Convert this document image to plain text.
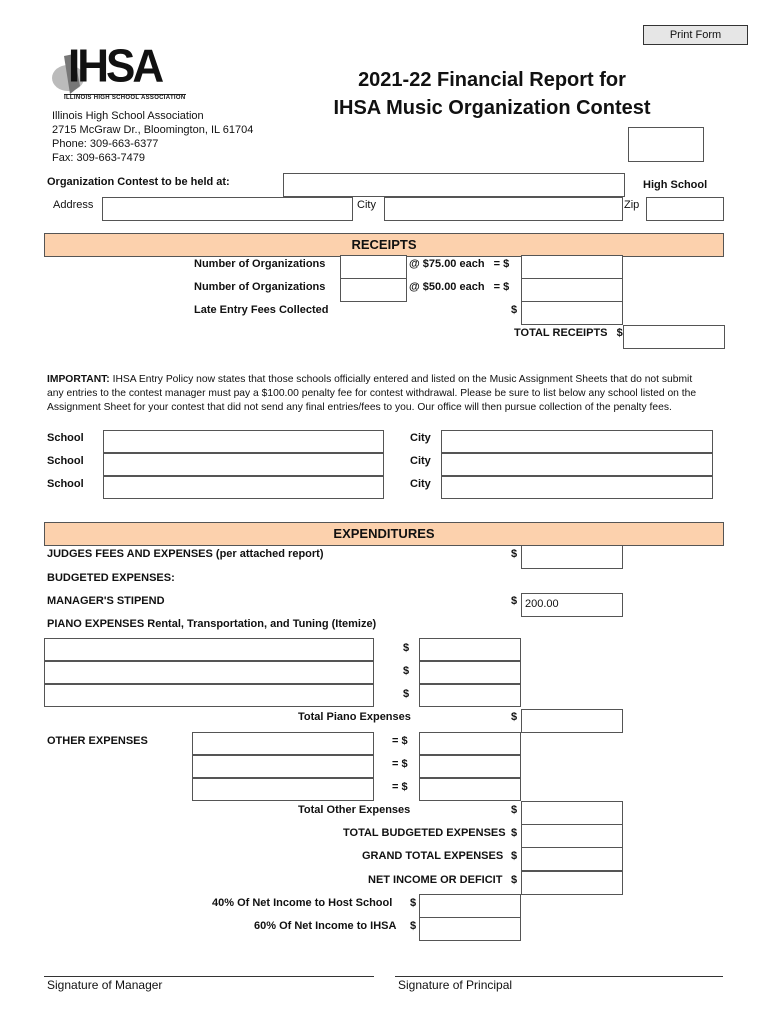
Print Form
IHSA
ILLINOIS HIGH SCHOOL ASSOCIATION
Illinois High School Association
2715 McGraw Dr., Bloomington, IL 61704
Phone: 309-663-6377
Fax: 309-663-7479
2021-22 Financial Report for
IHSA Music Organization Contest
Organization Contest to be held at:	High School
Address	City	Zip
RECEIPTS
Number of Organizations	@ $75.00 each = $
Number of Organizations	@ $50.00 each = $
Late Entry Fees Collected	$
TOTAL RECEIPTS $
IMPORTANT: IHSA Entry Policy now states that those schools officially entered and listed on the Music Assignment Sheets that do not submit any entries to the contest manager must pay a $100.00 penalty fee for contest withdrawal. Please be sure to list below any school listed on the Assignment Sheet for your contest that did not send any final entries/fees to you. Our office will then pursue collection of the penalty fees.
School	City
School	City
School	City
EXPENDITURES
JUDGES FEES AND EXPENSES (per attached report)	$
BUDGETED EXPENSES:
MANAGER'S STIPEND	$ 200.00
PIANO EXPENSES Rental, Transportation, and Tuning (Itemize)
$
$
$
Total Piano Expenses	$
OTHER EXPENSES	= $
= $
= $
Total Other Expenses	$
TOTAL BUDGETED EXPENSES $
GRAND TOTAL EXPENSES $
NET INCOME OR DEFICIT $
40% Of Net Income to Host School $
60% Of Net Income to IHSA $
Signature of Manager	Signature of Principal
